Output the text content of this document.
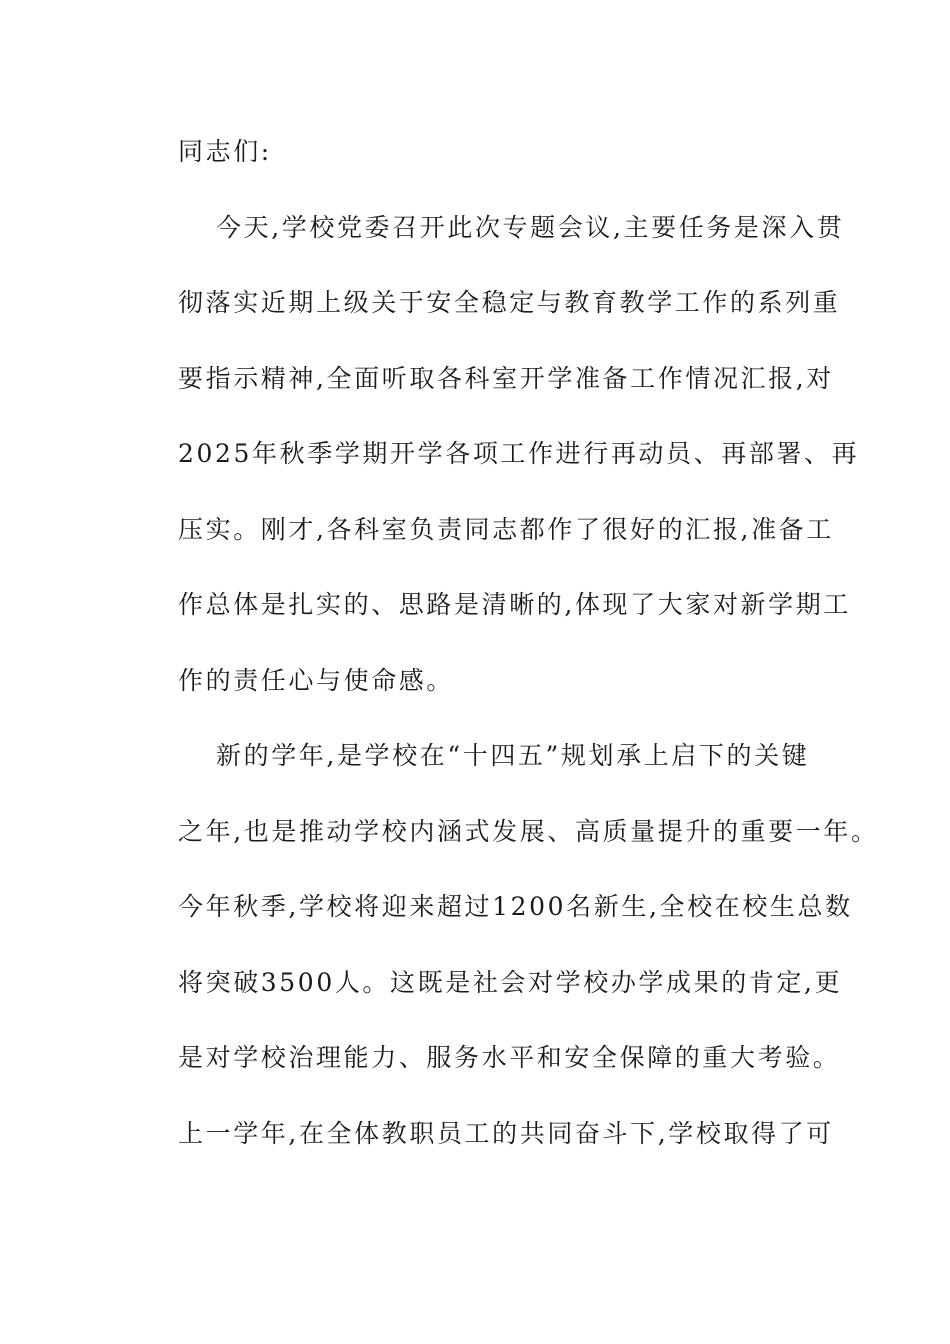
同志们:
今天,学校党委召开此次专题会议,主要任务是深入贯
彻落实近期上级关于安全稳定与教育教学工作的系列重
要指示精神,全面听取各科室开学准备工作情况汇报,对
2025年秋季学期开学各项工作进行再动员、再部署、再
压实。刚才,各科室负责同志都作了很好的汇报,准备工
作总体是扎实的、思路是清晰的,体现了大家对新学期工
作的责任心与使命感。
新的学年,是学校在“十四五”规划承上启下的关键
之年,也是推动学校内涵式发展、高质量提升的重要一年。
今年秋季,学校将迎来超过1200名新生,全校在校生总数
将突破3500人。这既是社会对学校办学成果的肯定,更
是对学校治理能力、服务水平和安全保障的重大考验。
上一学年,在全体教职员工的共同奋斗下,学校取得了可
